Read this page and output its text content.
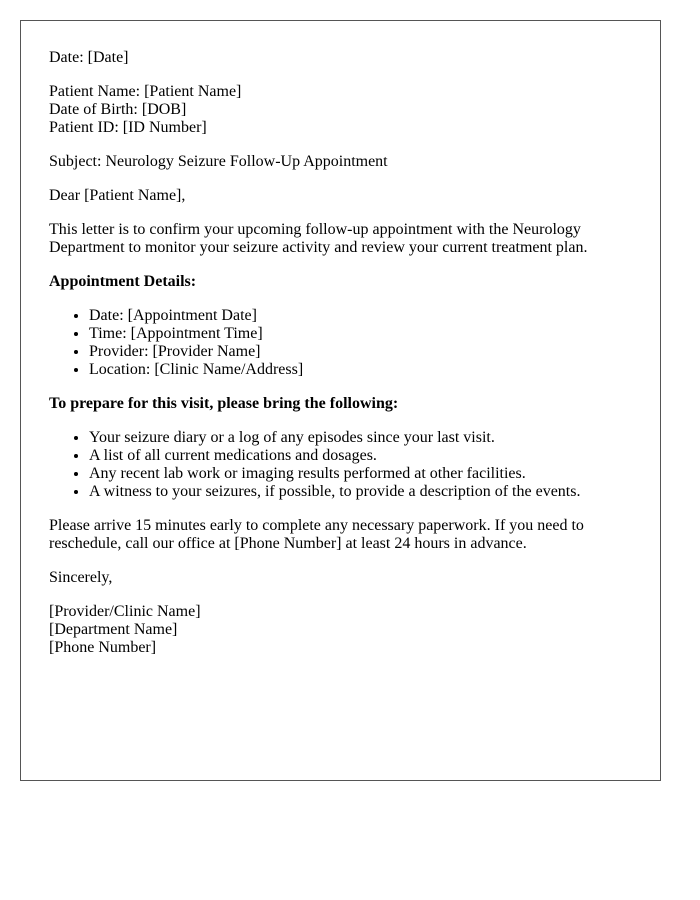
Date: [Date]

Patient Name: [Patient Name]
Date of Birth: [DOB]
Patient ID: [ID Number]

Subject: Neurology Seizure Follow-Up Appointment

Dear [Patient Name],

This letter is to confirm your upcoming follow-up appointment with the Neurology Department to monitor your seizure activity and review your current treatment plan.

Appointment Details:

• Date: [Appointment Date]
• Time: [Appointment Time]
• Provider: [Provider Name]
• Location: [Clinic Name/Address]

To prepare for this visit, please bring the following:

• Your seizure diary or a log of any episodes since your last visit.
• A list of all current medications and dosages.
• Any recent lab work or imaging results performed at other facilities.
• A witness to your seizures, if possible, to provide a description of the events.

Please arrive 15 minutes early to complete any necessary paperwork. If you need to reschedule, call our office at [Phone Number] at least 24 hours in advance.

Sincerely,

[Provider/Clinic Name]
[Department Name]
[Phone Number]
